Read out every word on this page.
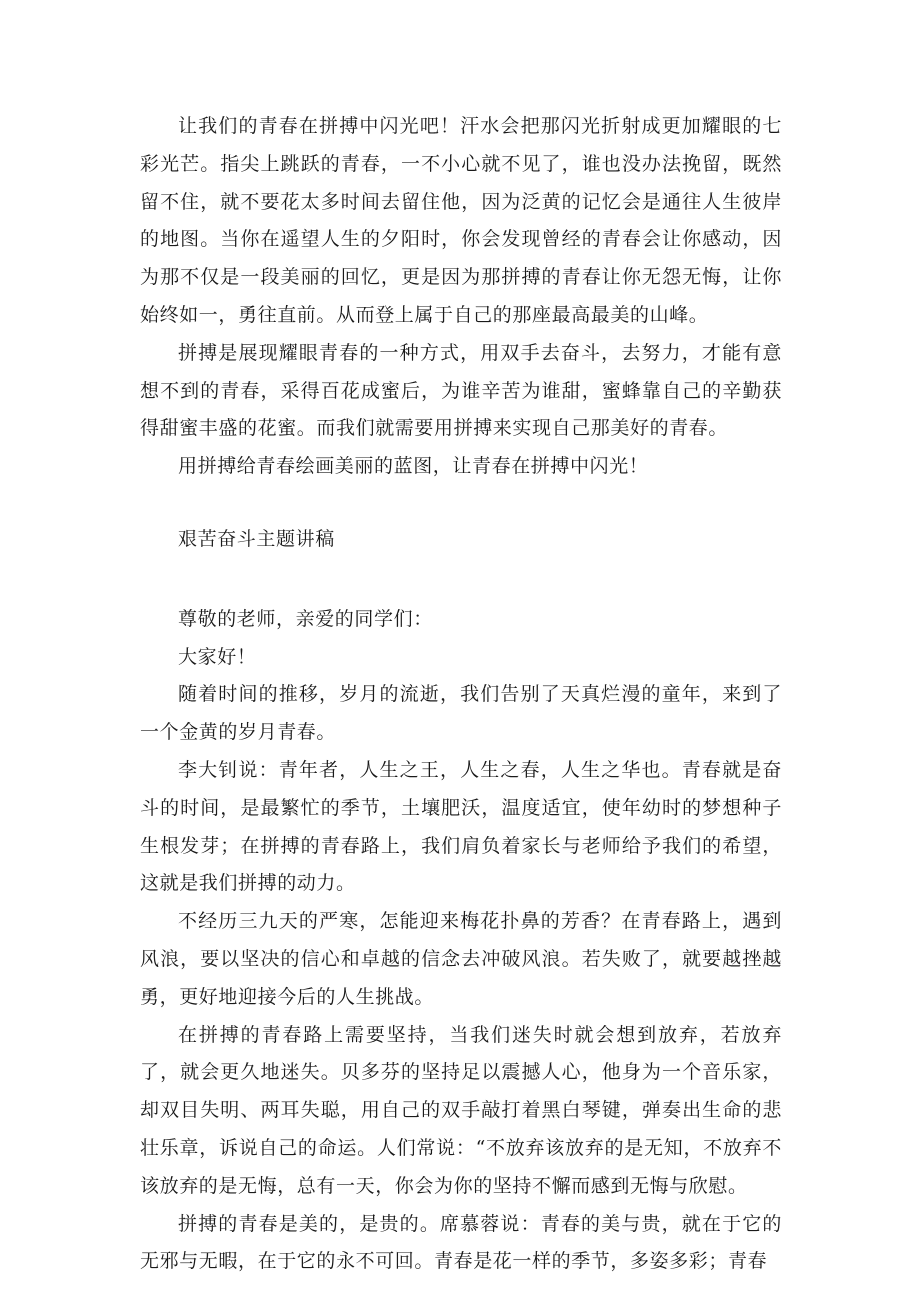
让我们的青春在拼搏中闪光吧！汗水会把那闪光折射成更加耀眼的七彩光芒。指尖上跳跃的青春，一不小心就不见了，谁也没办法挽留，既然留不住，就不要花太多时间去留住他，因为泛黄的记忆会是通往人生彼岸的地图。当你在遥望人生的夕阳时，你会发现曾经的青春会让你感动，因为那不仅是一段美丽的回忆，更是因为那拼搏的青春让你无怨无悔，让你始终如一，勇往直前。从而登上属于自己的那座最高最美的山峰。

拼搏是展现耀眼青春的一种方式，用双手去奋斗，去努力，才能有意想不到的青春，采得百花成蜜后，为谁辛苦为谁甜，蜜蜂靠自己的辛勤获得甜蜜丰盛的花蜜。而我们就需要用拼搏来实现自己那美好的青春。

用拼搏给青春绘画美丽的蓝图，让青春在拼搏中闪光！

艰苦奋斗主题讲稿

尊敬的老师，亲爱的同学们：

大家好！

随着时间的推移，岁月的流逝，我们告别了天真烂漫的童年，来到了一个金黄的岁月青春。

李大钊说：青年者，人生之王，人生之春，人生之华也。青春就是奋斗的时间，是最繁忙的季节，土壤肥沃，温度适宜，使年幼时的梦想种子生根发芽；在拼搏的青春路上，我们肩负着家长与老师给予我们的希望，这就是我们拼搏的动力。

不经历三九天的严寒，怎能迎来梅花扑鼻的芳香？在青春路上，遇到风浪，要以坚决的信心和卓越的信念去冲破风浪。若失败了，就要越挫越勇，更好地迎接今后的人生挑战。

在拼搏的青春路上需要坚持，当我们迷失时就会想到放弃，若放弃了，就会更久地迷失。贝多芬的坚持足以震撼人心，他身为一个音乐家，却双目失明、两耳失聪，用自己的双手敲打着黑白琴键，弹奏出生命的悲壮乐章，诉说自己的命运。人们常说：“不放弃该放弃的是无知，不放弃不该放弃的是无悔，总有一天，你会为你的坚持不懈而感到无悔与欣慰。

拼搏的青春是美的，是贵的。席慕蓉说：青春的美与贵，就在于它的无邪与无暇，在于它的永不可回。青春是花一样的季节，多姿多彩；青春
